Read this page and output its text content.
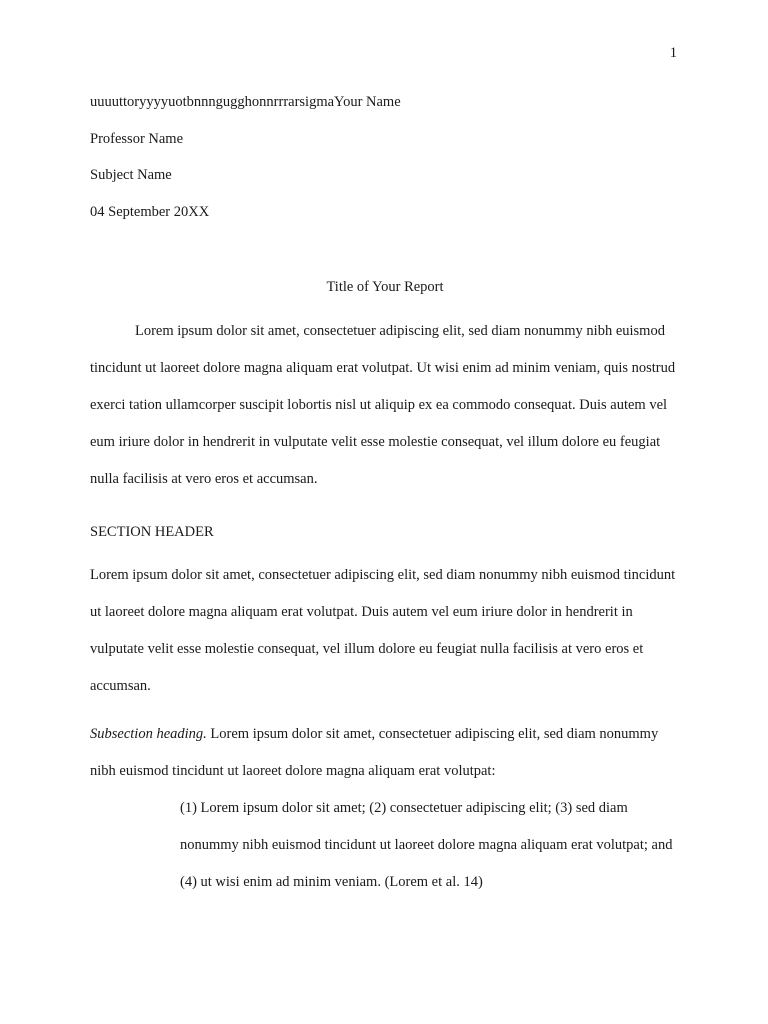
1
uuuuttoryyyyuotbnnngugghonnrrrarsigmaYour Name
Professor Name
Subject Name
04 September 20XX
Title of Your Report

Lorem ipsum dolor sit amet, consectetuer adipiscing elit, sed diam nonummy nibh euismod tincidunt ut laoreet dolore magna aliquam erat volutpat. Ut wisi enim ad minim veniam, quis nostrud exerci tation ullamcorper suscipit lobortis nisl ut aliquip ex ea commodo consequat. Duis autem vel eum iriure dolor in hendrerit in vulputate velit esse molestie consequat, vel illum dolore eu feugiat nulla facilisis at vero eros et accumsan.

SECTION HEADER

Lorem ipsum dolor sit amet, consectetuer adipiscing elit, sed diam nonummy nibh euismod tincidunt ut laoreet dolore magna aliquam erat volutpat. Duis autem vel eum iriure dolor in hendrerit in vulputate velit esse molestie consequat, vel illum dolore eu feugiat nulla facilisis at vero eros et accumsan.

Subsection heading. Lorem ipsum dolor sit amet, consectetuer adipiscing elit, sed diam nonummy nibh euismod tincidunt ut laoreet dolore magna aliquam erat volutpat:

(1) Lorem ipsum dolor sit amet; (2) consectetuer adipiscing elit; (3) sed diam nonummy nibh euismod tincidunt ut laoreet dolore magna aliquam erat volutpat; and (4) ut wisi enim ad minim veniam. (Lorem et al. 14)
